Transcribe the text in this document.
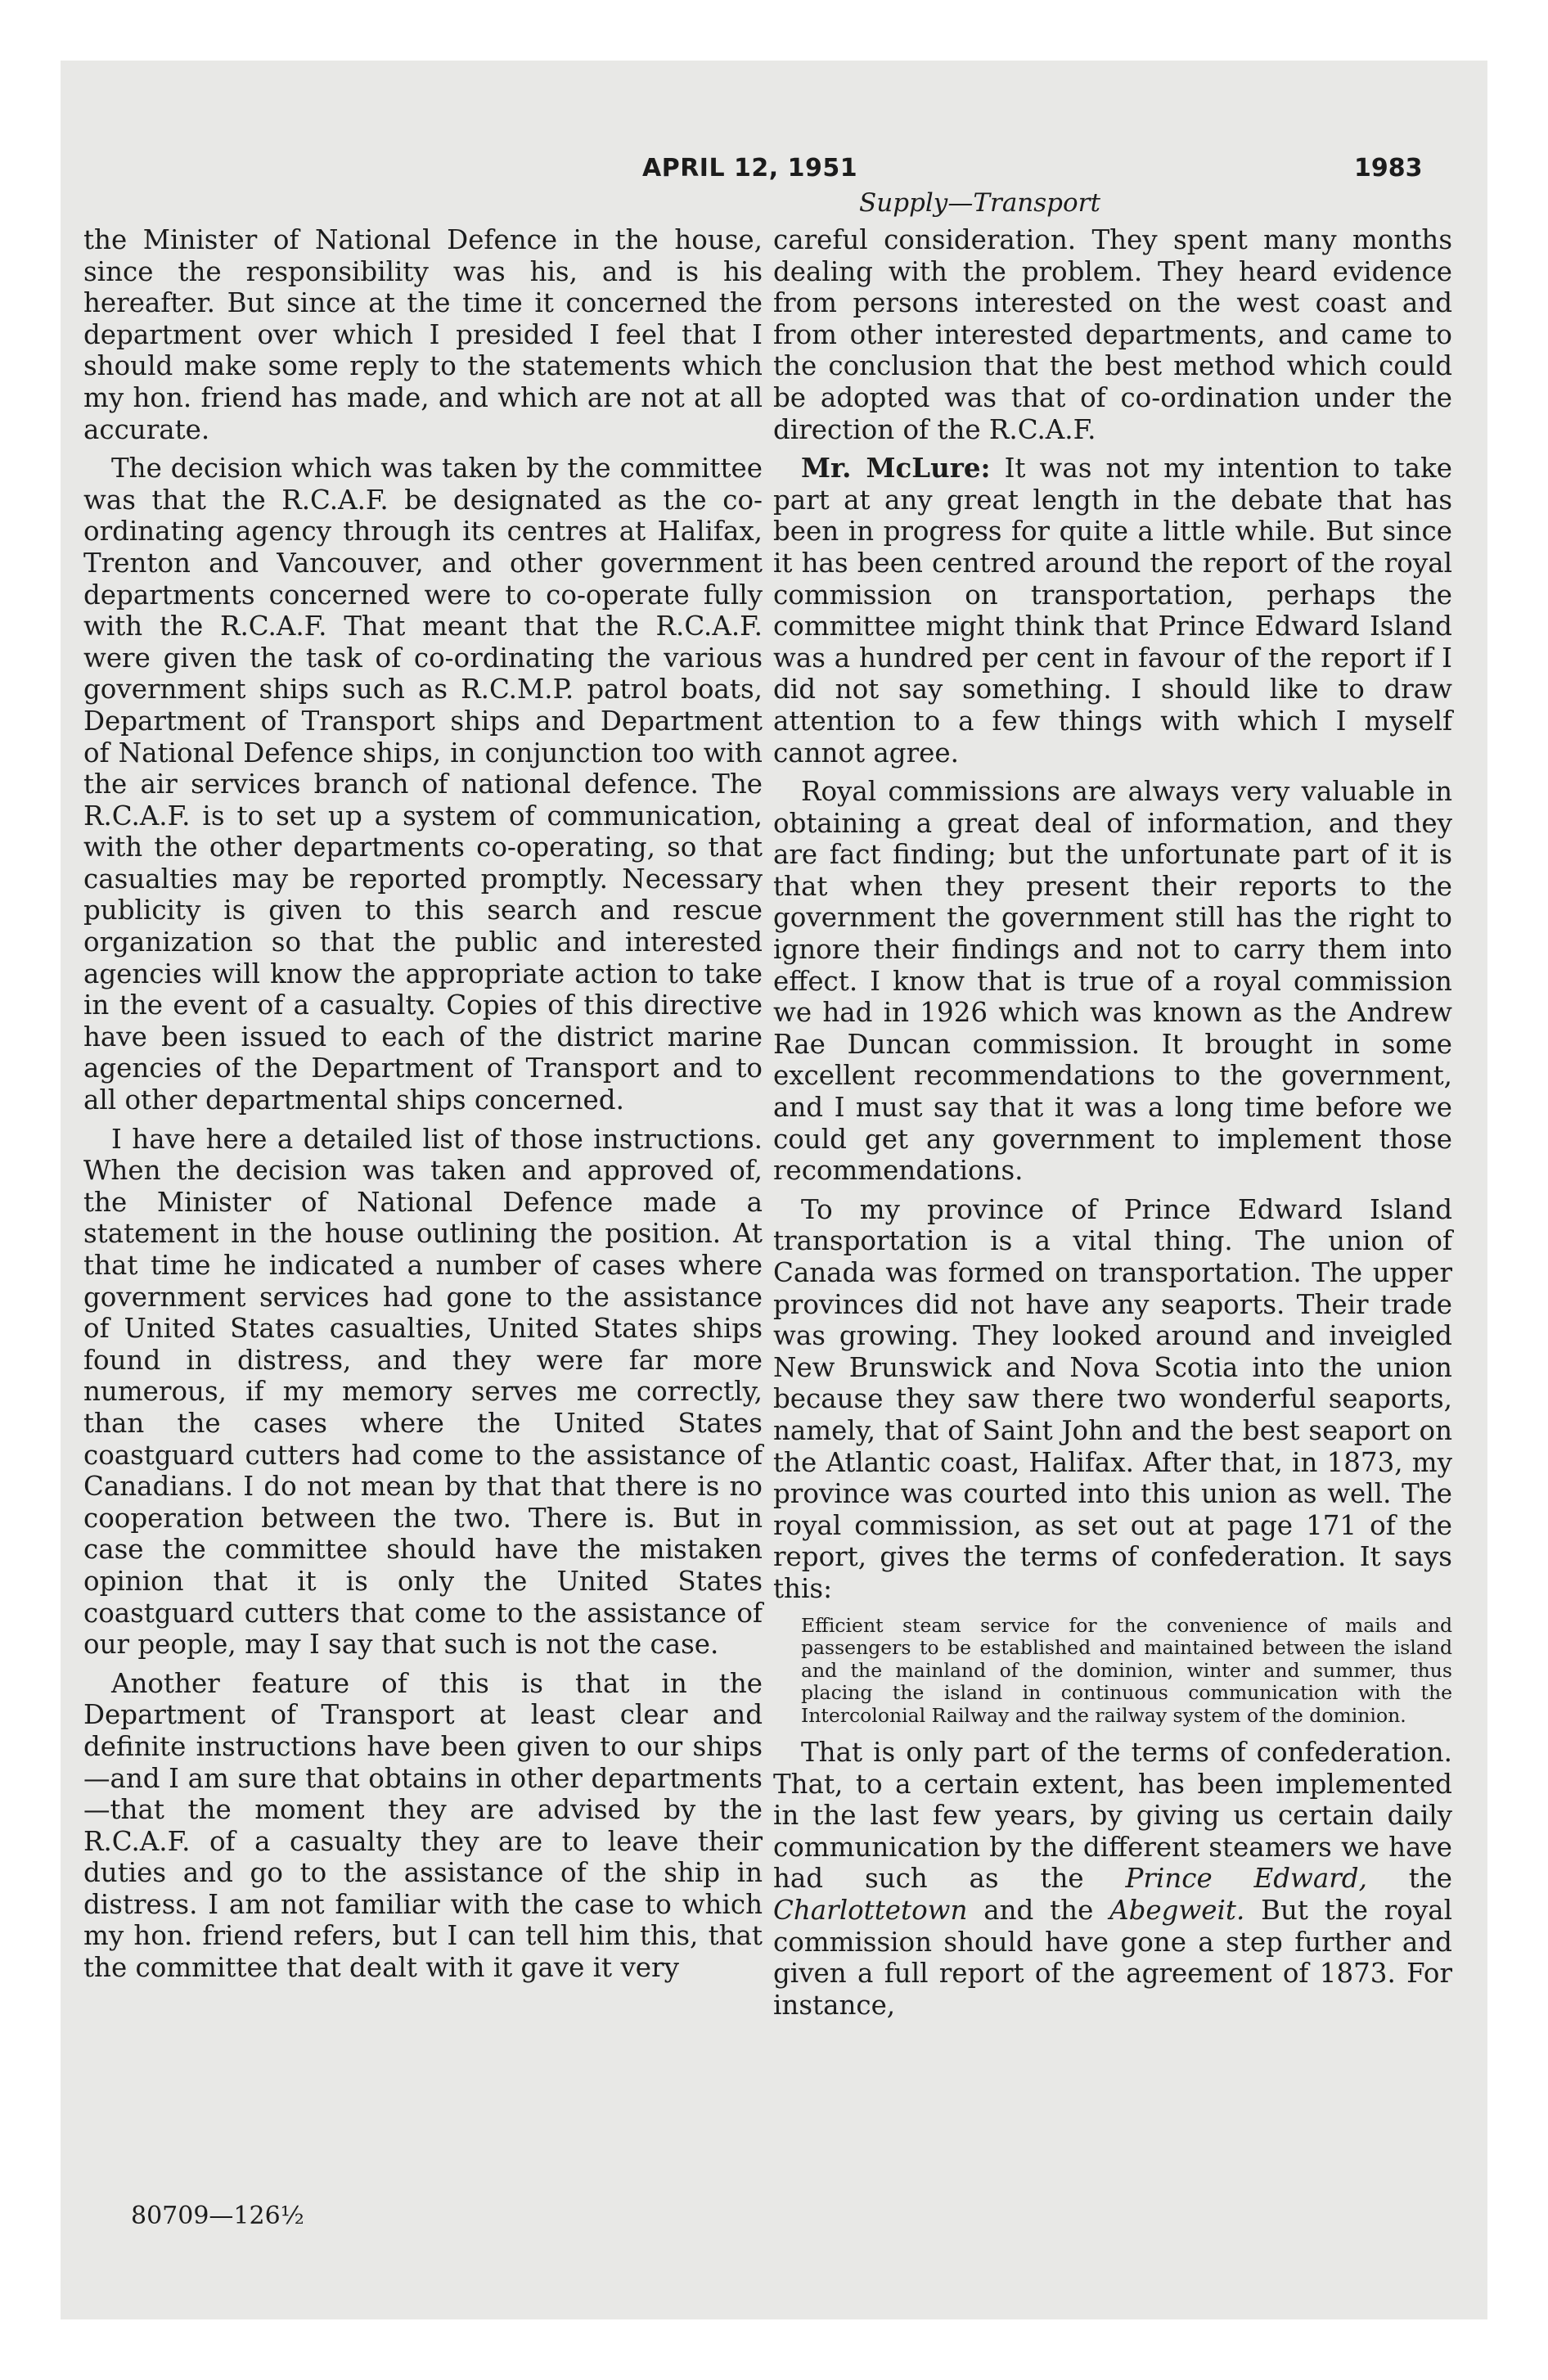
APRIL 12, 1951	1983
Supply—Transport

the Minister of National Defence in the house, since the responsibility was his, and is his hereafter. But since at the time it concerned the department over which I presided I feel that I should make some reply to the statements which my hon. friend has made, and which are not at all accurate.

The decision which was taken by the committee was that the R.C.A.F. be designated as the co-ordinating agency through its centres at Halifax, Trenton and Vancouver, and other government departments concerned were to co-operate fully with the R.C.A.F. That meant that the R.C.A.F. were given the task of co-ordinating the various government ships such as R.C.M.P. patrol boats, Department of Transport ships and Department of National Defence ships, in conjunction too with the air services branch of national defence. The R.C.A.F. is to set up a system of communication, with the other departments co-operating, so that casualties may be reported promptly. Necessary publicity is given to this search and rescue organization so that the public and interested agencies will know the appropriate action to take in the event of a casualty. Copies of this directive have been issued to each of the district marine agencies of the Department of Transport and to all other departmental ships concerned.

I have here a detailed list of those instructions. When the decision was taken and approved of, the Minister of National Defence made a statement in the house outlining the position. At that time he indicated a number of cases where government services had gone to the assistance of United States casualties, United States ships found in distress, and they were far more numerous, if my memory serves me correctly, than the cases where the United States coastguard cutters had come to the assistance of Canadians. I do not mean by that that there is no cooperation between the two. There is. But in case the committee should have the mistaken opinion that it is only the United States coastguard cutters that come to the assistance of our people, may I say that such is not the case.

Another feature of this is that in the Department of Transport at least clear and definite instructions have been given to our ships—and I am sure that obtains in other departments—that the moment they are advised by the R.C.A.F. of a casualty they are to leave their duties and go to the assistance of the ship in distress. I am not familiar with the case to which my hon. friend refers, but I can tell him this, that the committee that dealt with it gave it very

careful consideration. They spent many months dealing with the problem. They heard evidence from persons interested on the west coast and from other interested departments, and came to the conclusion that the best method which could be adopted was that of co-ordination under the direction of the R.C.A.F.

Mr. McLure: It was not my intention to take part at any great length in the debate that has been in progress for quite a little while. But since it has been centred around the report of the royal commission on transportation, perhaps the committee might think that Prince Edward Island was a hundred per cent in favour of the report if I did not say something. I should like to draw attention to a few things with which I myself cannot agree.

Royal commissions are always very valuable in obtaining a great deal of information, and they are fact finding; but the unfortunate part of it is that when they present their reports to the government the government still has the right to ignore their findings and not to carry them into effect. I know that is true of a royal commission we had in 1926 which was known as the Andrew Rae Duncan commission. It brought in some excellent recommendations to the government, and I must say that it was a long time before we could get any government to implement those recommendations.

To my province of Prince Edward Island transportation is a vital thing. The union of Canada was formed on transportation. The upper provinces did not have any seaports. Their trade was growing. They looked around and inveigled New Brunswick and Nova Scotia into the union because they saw there two wonderful seaports, namely, that of Saint John and the best seaport on the Atlantic coast, Halifax. After that, in 1873, my province was courted into this union as well. The royal commission, as set out at page 171 of the report, gives the terms of confederation. It says this:

Efficient steam service for the convenience of mails and passengers to be established and maintained between the island and the mainland of the dominion, winter and summer, thus placing the island in continuous communication with the Intercolonial Railway and the railway system of the dominion.

That is only part of the terms of confederation. That, to a certain extent, has been implemented in the last few years, by giving us certain daily communication by the different steamers we have had such as the Prince Edward, the Charlottetown and the Abegweit. But the royal commission should have gone a step further and given a full report of the agreement of 1873. For instance,

80709—126½
